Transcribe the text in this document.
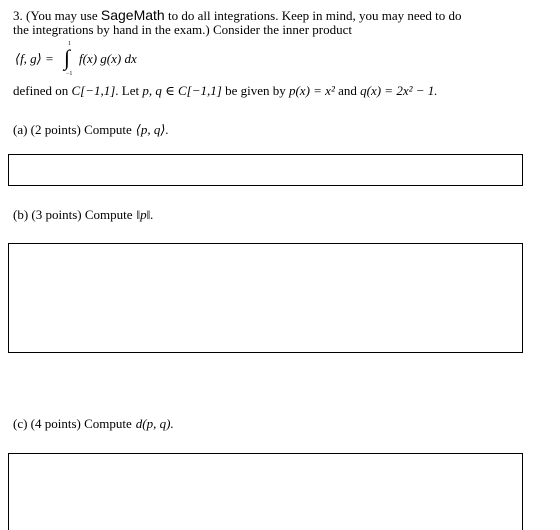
3. (You may use SageMath to do all integrations. Keep in mind, you may need to do
the integrations by hand in the exam.) Consider the inner product
⟨f, g⟩ =
1
∫
−1
f(x) g(x) dx
defined on C[−1,1]. Let p, q ∈ C[−1,1] be given by p(x) = x² and q(x) = 2x² − 1.
(a) (2 points) Compute ⟨p, q⟩.
(b) (3 points) Compute ‖p‖.
(c) (4 points) Compute d(p, q).
